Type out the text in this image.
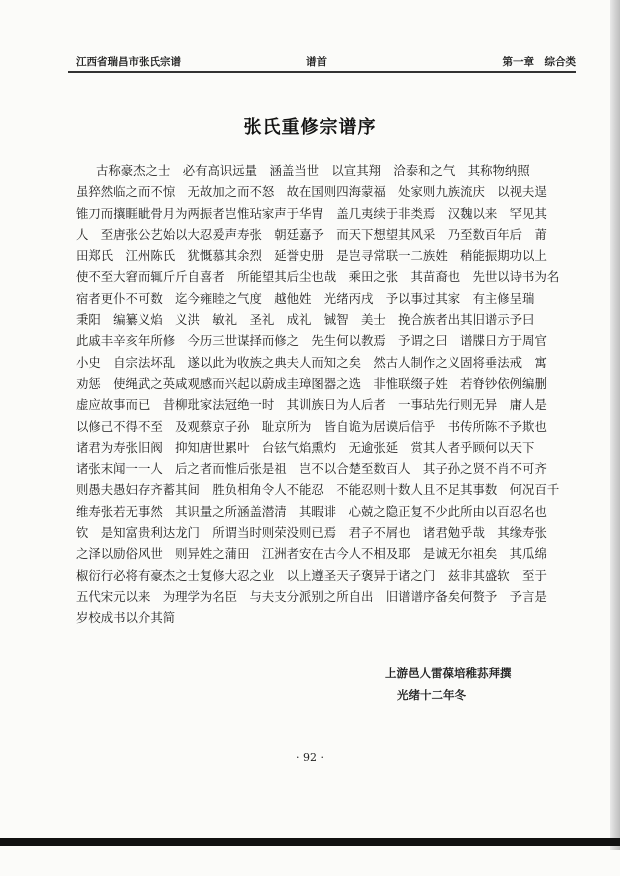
江西省瑞昌市张氏宗谱	谱首	第一章　综合类
张氏重修宗谱序
古称豪杰之士　必有高识远量　涵盖当世　以宣其翔　洽泰和之气　其称物纳照
虽猝然临之而不惊　无故加之而不怒　故在国则四海蒙福　处家则九族流庆　以视夫逞
锥刀而攘睚眦骨月为两振者岂惟玷家声于华胄　盖几夷续于非类焉　汉魏以来　罕见其
人　至唐张公艺始以大忍爰声寿张　朝廷嘉予　而天下想望其风采　乃至数百年后　莆
田郑氏　江州陈氏　犹慨慕其余烈　延誉史册　是岂寻常联一二族姓　稍能振期功以上
使不至大窘而辄斤斤自喜者　所能望其后尘也哉　乘田之张　其苗裔也　先世以诗书为名
宿者更仆不可数　迄今雍睦之气度　越他姓　光绪丙戌　予以事过其家　有主修呈瑞
秉阳　编纂义焰　义洪　敏礼　圣礼　成礼　铖智　美士　挽合族者出其旧谱示予曰
此戚丰辛亥年所修　今历三世谋择而修之　先生何以教焉　予谓之曰　谱牒日方于周官
小史　自宗法坏乱　遂以此为收族之典夫人而知之矣　然古人制作之义固将垂法戒　寓
劝惩　使绳武之英咸观感而兴起以蔚成圭璋图器之选　非惟联缀子姓　若脊钞依例编删
虚应故事而已　昔柳玭家法冠绝一时　其训族日为人后者　一事玷先行则无异　庸人是
以修己不得不至　及观蔡京子孙　耻京所为　皆自诡为居谟后信乎　书传所陈不予欺也
诸君为寿张旧阀　抑知唐世累叶　台铉气焰熏灼　无逾张延　赏其人者乎顾何以天下
诸张末闻一一人　后之者而惟后张是祖　岂不以合楚至数百人　其子孙之贤不肖不可齐
则愚夫愚妇存齐蓄其间　胜负相角令人不能忍　不能忍则十数人且不足其事数　何况百千
维寿张若无事然　其识量之所涵盖潜清　其暇诽　心兢之隐正复不少此所由以百忍名也
钦　是知富贵利达龙门　所谓当时则荣没则已焉　君子不屑也　诸君勉乎哉　其缘寿张
之泽以励俗风世　则异姓之蒲田　江洲者安在古今人不相及耶　是诚无尔祖矣　其瓜绵
椒衍行必将有豪杰之士复修大忍之业　以上遵圣天子褒异于诸之门　兹非其盛软　至于
五代宋元以来　为理学为名臣　与夫支分派别之所自出　旧谱谱序备矣何赘予　予言是
岁校成书以介其简
上游邑人雷葆培稚荪拜撰
光绪十二年冬
· 92 ·
